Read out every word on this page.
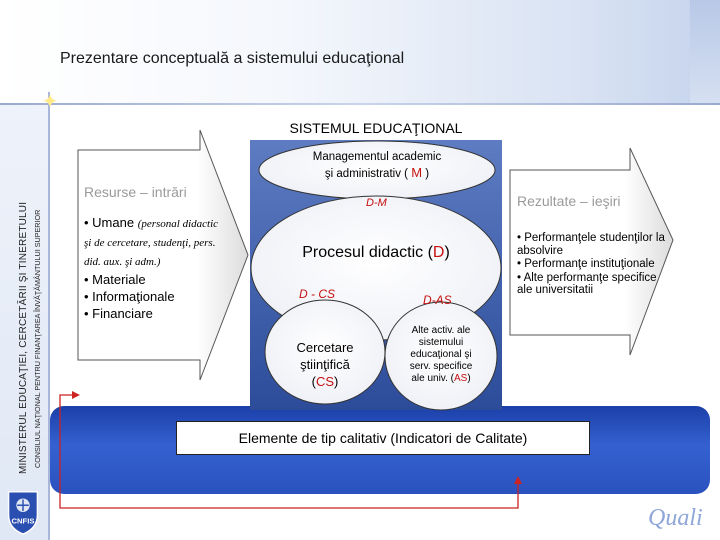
✦
Prezentare conceptuală a sistemului educaţional
MINISTERUL EDUCAŢIEI, CERCETĂRII ŞI TINERETULUI CONSILIUL NAŢIONAL PENTRU FINANŢAREA ÎNVĂŢĂMÂNTULUI SUPERIOR
SISTEMUL EDUCAŢIONAL
Elemente de tip calitativ (Indicatori de Calitate)
Resurse – intrări
• Umane (personal didactic şi de cercetare, studenţi, pers. did. aux. şi adm.)
• Materiale
• Informaţionale
• Financiare
Rezultate – ieşiri
• Performanţele studenţilor la absolvire
• Performanţe instituţionale
• Alte performanţe specifice ale universitatii
Managementul academic
şi administrativ ( M )
D-M
Procesul didactic (D)
D - CS	D-AS
Cercetare
ştiinţifică
(CS)
Alte activ. ale
sistemului
educaţional şi
serv. specifice
ale univ. (AS)
CNFIS	Quali
